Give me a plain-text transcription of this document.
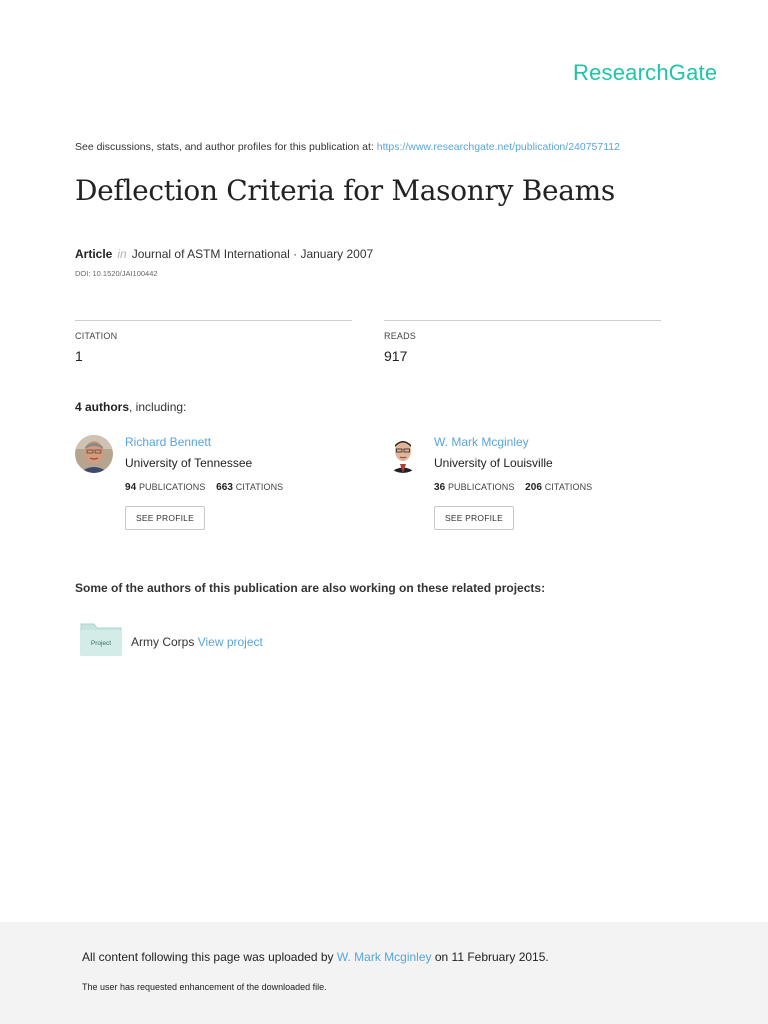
ResearchGate
See discussions, stats, and author profiles for this publication at: https://www.researchgate.net/publication/240757112
Deflection Criteria for Masonry Beams
Article in Journal of ASTM International · January 2007
DOI: 10.1520/JAI100442
CITATION
1
READS
917
4 authors, including:
Richard Bennett
University of Tennessee
94 PUBLICATIONS 663 CITATIONS
SEE PROFILE
W. Mark Mcginley
University of Louisville
36 PUBLICATIONS 206 CITATIONS
SEE PROFILE
Some of the authors of this publication are also working on these related projects:
Project Army Corps View project
All content following this page was uploaded by W. Mark Mcginley on 11 February 2015.
The user has requested enhancement of the downloaded file.
